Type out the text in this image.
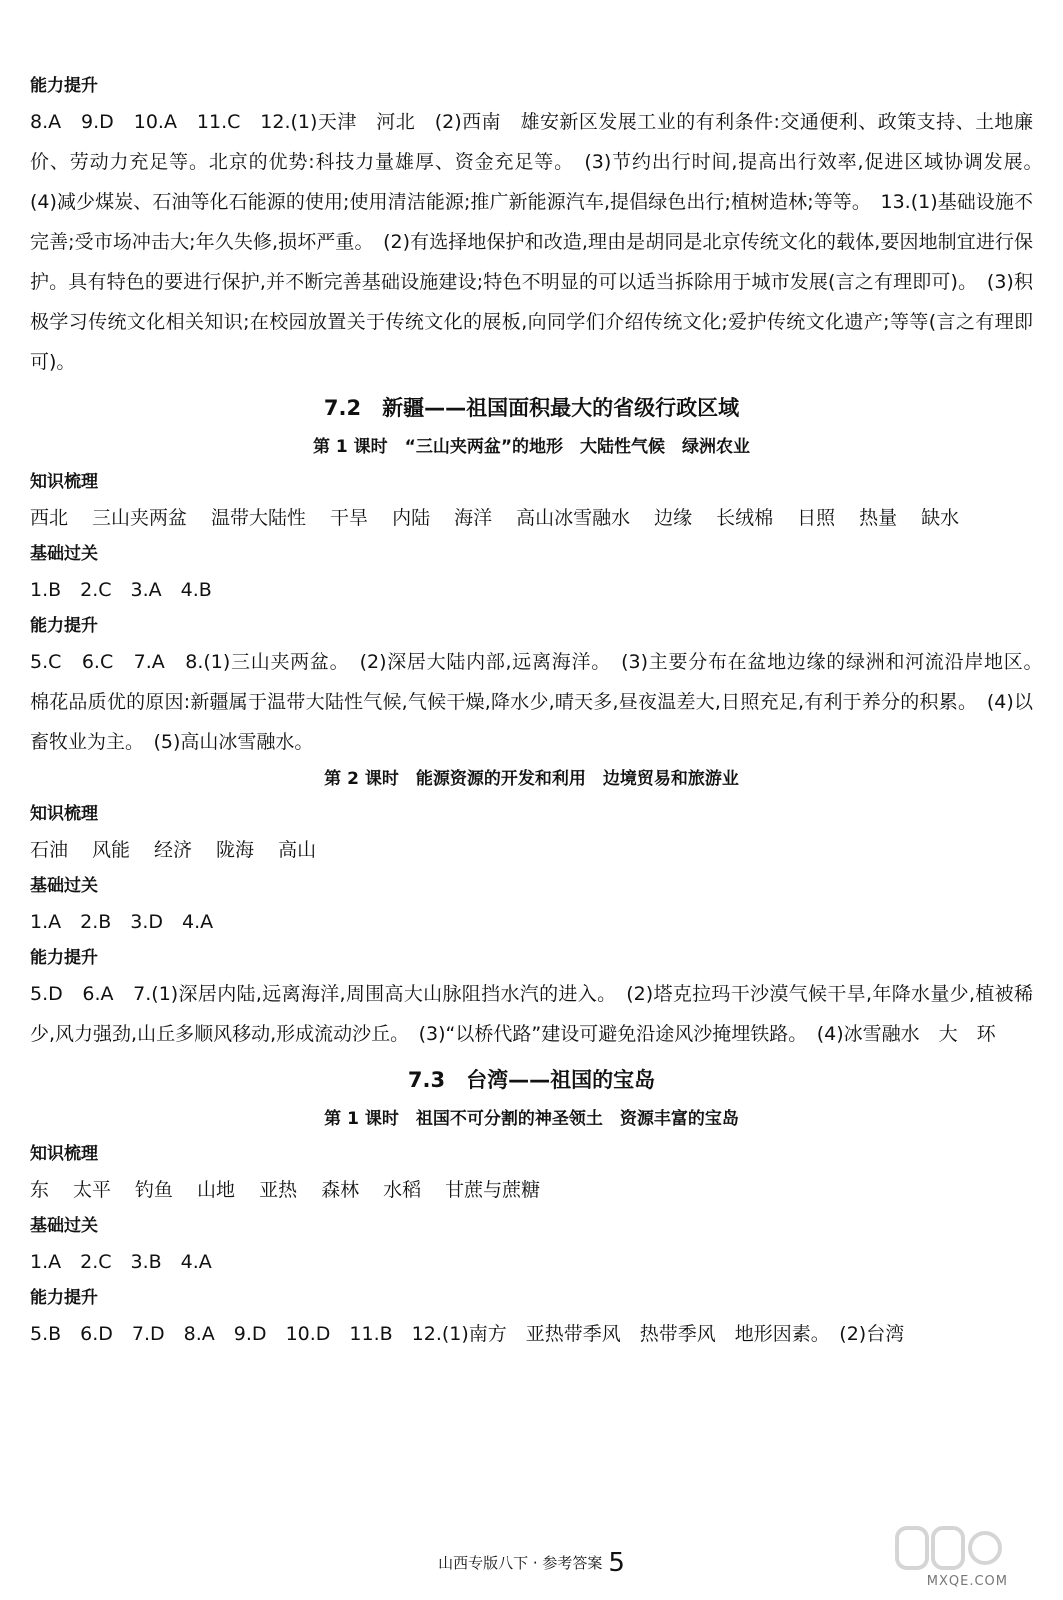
能力提升

8.A　9.D　10.A　11.C　12.(1)天津　河北　(2)西南　雄安新区发展工业的有利条件:交通便利、政策支持、土地廉价、劳动力充足等。北京的优势:科技力量雄厚、资金充足等。　(3)节约出行时间,提高出行效率,促进区域协调发展。　(4)减少煤炭、石油等化石能源的使用;使用清洁能源;推广新能源汽车,提倡绿色出行;植树造林;等等。　13.(1)基础设施不完善;受市场冲击大;年久失修,损坏严重。　(2)有选择地保护和改造,理由是胡同是北京传统文化的载体,要因地制宜进行保护。具有特色的要进行保护,并不断完善基础设施建设;特色不明显的可以适当拆除用于城市发展(言之有理即可)。　(3)积极学习传统文化相关知识;在校园放置关于传统文化的展板,向同学们介绍传统文化;爱护传统文化遗产;等等(言之有理即可)。

7.2　新疆——祖国面积最大的省级行政区域
第 1 课时　“三山夹两盆”的地形　大陆性气候　绿洲农业
知识梳理

西北 三山夹两盆 温带大陆性 干旱 内陆 海洋 高山冰雪融水 边缘 长绒棉 日照 热量 缺水

基础过关

1.B　2.C　3.A　4.B

能力提升

5.C　6.C　7.A　8.(1)三山夹两盆。　(2)深居大陆内部,远离海洋。　(3)主要分布在盆地边缘的绿洲和河流沿岸地区。　棉花品质优的原因:新疆属于温带大陆性气候,气候干燥,降水少,晴天多,昼夜温差大,日照充足,有利于养分的积累。　(4)以畜牧业为主。　(5)高山冰雪融水。

第 2 课时　能源资源的开发和利用　边境贸易和旅游业
知识梳理

石油 风能 经济 陇海 高山

基础过关

1.A　2.B　3.D　4.A

能力提升

5.D　6.A　7.(1)深居内陆,远离海洋,周围高大山脉阻挡水汽的进入。　(2)塔克拉玛干沙漠气候干旱,年降水量少,植被稀少,风力强劲,山丘多顺风移动,形成流动沙丘。　(3)“以桥代路”建设可避免沿途风沙掩埋铁路。　(4)冰雪融水　大　环

7.3　台湾——祖国的宝岛
第 1 课时　祖国不可分割的神圣领土　资源丰富的宝岛
知识梳理

东 太平 钓鱼 山地 亚热 森林 水稻 甘蔗与蔗糖

基础过关

1.A　2.C　3.B　4.A

能力提升

5.B　6.D　7.D　8.A　9.D　10.D　11.B　12.(1)南方　亚热带季风　热带季风　地形因素。　(2)台湾

山西专版八下 · 参考答案 5
MXQE.COM
